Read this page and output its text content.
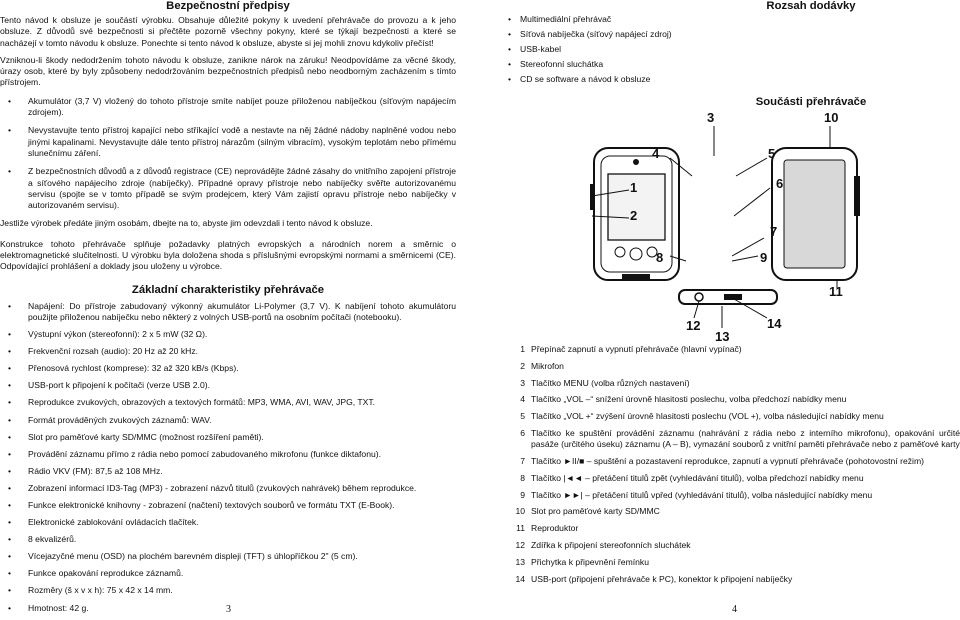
Bezpečnostní předpisy

Tento návod k obsluze je součástí výrobku. Obsahuje důležité pokyny k uvedení přehrávače do provozu a k jeho obsluze. Z důvodů své bezpečnosti si přečtěte pozorně všechny pokyny, které se týkají bezpečnosti a které se nacházejí v tomto návodu k obsluze. Ponechte si tento návod k obsluze, abyste si jej mohli znovu kdykoliv přečíst!

Vzniknou-li škody nedodržením tohoto návodu k obsluze, zanikne nárok na záruku! Neodpovídáme za věcné škody, úrazy osob, které by byly způsobeny nedodržováním bezpečnostních předpisů nebo neodborným zacházením s tímto přístrojem.

• Akumulátor (3,7 V) vložený do tohoto přístroje smíte nabíjet pouze přiloženou nabíječkou (síťovým napájecím zdrojem).
• Nevystavujte tento přístroj kapající nebo stříkající vodě a nestavte na něj žádné nádoby naplněné vodou nebo jinými kapalinami. Nevystavujte dále tento přístroj nárazům (silným vibracím), vysokým teplotám nebo přímému slunečnímu záření.
• Z bezpečnostních důvodů a z důvodů registrace (CE) neprovádějte žádné zásahy do vnitřního zapojení přístroje a síťového napájecího zdroje (nabíječky). Případné opravy přístroje nebo nabíječky svěřte autorizovanému servisu (spojte se v tomto případě se svým prodejcem, který Vám zajistí opravu přístroje nebo nabíječky v autorizovaném servisu).

Jestliže výrobek předáte jiným osobám, dbejte na to, abyste jim odevzdali i tento návod k obsluze.

Konstrukce tohoto přehrávače splňuje požadavky platných evropských a národních norem a směrnic o elektromagnetické slučitelnosti. U výrobku byla doložena shoda s příslušnými evropskými normami a směrnicemi (CE). Odpovídající prohlášení a doklady jsou uloženy u výrobce.

Základní charakteristiky přehrávače
• Napájení: Do přístroje zabudovaný výkonný akumulátor Li-Polymer (3,7 V). K nabíjení tohoto akumulátoru použijte přiloženou nabíječku nebo některý z volných USB-portů na osobním počítači (notebooku).
• Výstupní výkon (stereofonní): 2 x 5 mW (32 Ω).
• Frekvenční rozsah (audio): 20 Hz až 20 kHz.
• Přenosová rychlost (komprese): 32 až 320 kB/s (Kbps).
• USB-port k připojení k počítači (verze USB 2.0).
• Reprodukce zvukových, obrazových a textových formátů: MP3, WMA, AVI, WAV, JPG, TXT.
• Formát prováděných zvukových záznamů: WAV.
• Slot pro paměťové karty SD/MMC (možnost rozšíření paměti).
• Provádění záznamu přímo z rádia nebo pomocí zabudovaného mikrofonu (funkce diktafonu).
• Rádio VKV (FM): 87,5 až 108 MHz.
• Zobrazení informací ID3-Tag (MP3) - zobrazení názvů titulů (zvukových nahrávek) během reprodukce.
• Funkce elektronické knihovny - zobrazení (načtení) textových souborů ve formátu TXT (E-Book).
• Elektronické zablokování ovládacích tlačítek.
• 8 ekvalizérů.
• Víceјazyčné menu (OSD) na plochém barevném displeji (TFT) s úhlopříčkou 2" (5 cm).
• Funkce opakování reprodukce záznamů.
• Rozměry (š x v x h): 75 x 42 x 14 mm.
• Hmotnost: 42 g.	3
Rozsah dodávky
• Multimediální přehrávač
• Síťová nabíječka (síťový napájecí zdroj)
• USB-kabel
• Stereofonní sluchátka
• CD se software a návod k obsluze
Součásti přehrávače
1 Přepínač zapnutí a vypnutí přehrávače (hlavní vypínač)
2 Mikrofon
3 Tlačítko MENU (volba různých nastavení)
4 Tlačítko „VOL –“ snížení úrovně hlasitosti poslechu, volba předchozí nabídky menu
5 Tlačítko „VOL +“ zvýšení úrovně hlasitosti poslechu (VOL +), volba následující nabídky menu
6 Tlačítko ke spuštění provádění záznamu (nahrávání z rádia nebo z interního mikrofonu), opakování určité pasáže (určitého úseku) záznamu (A – B), vymazání souborů z vnitřní paměti přehrávače nebo z paměťové karty
7 Tlačítko ►II/■ – spuštění a pozastavení reprodukce, zapnutí a vypnutí přehrávače (pohotovostní režim)
8 Tlačítko |◄◄ – přetáčení titulů zpět (vyhledávání titulů), volba předchozí nabídky menu
9 Tlačítko ►►| – přetáčení titulů vpřed (vyhledávání titulů), volba následující nabídky menu
10 Slot pro paměťové karty SD/MMC
11 Reproduktor
12 Zdířka k připojení stereofonních sluchátek
13 Přichytka k připevnění řemínku
14 USB-port (připojení přehrávače k PC), konektor k připojení nabíječky
3	10
4	5
1
2
6
7
8	9
11
12	14
13
4
